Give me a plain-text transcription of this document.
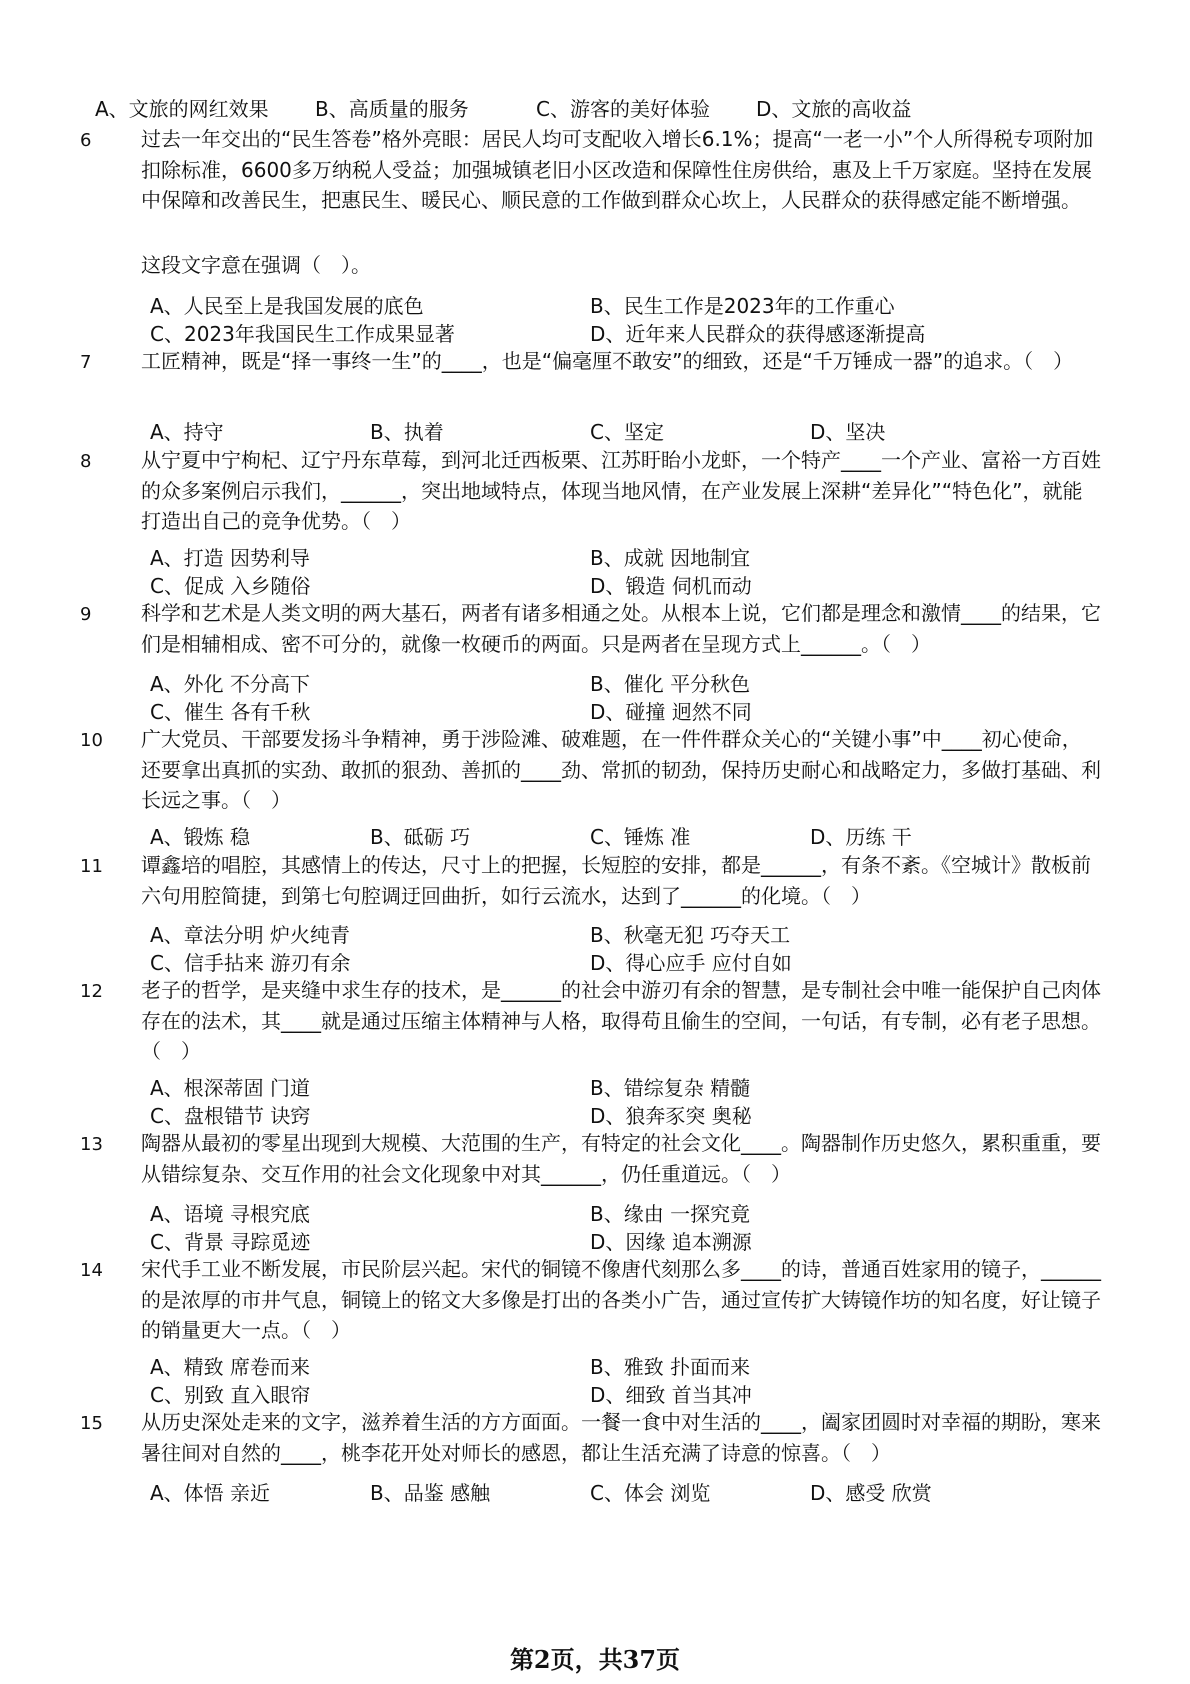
A、文旅的网红效果 B、高质量的服务	C、游客的美好体验 D、文旅的高收益
6 过去一年交出的“民生答卷”格外亮眼：居民人均可支配收入增长6.1%；提高“一老一小”个人所得税专项附加扣除标准，6600多万纳税人受益；加强城镇老旧小区改造和保障性住房供给，惠及上千万家庭。坚持在发展中保障和改善民生，把惠民生、暖民心、顺民意的工作做到群众心坎上，人民群众的获得感定能不断增强。
这段文字意在强调（　）。
A、人民至上是我国发展的底色	B、民生工作是2023年的工作重心
C、2023年我国民生工作成果显著	D、近年来人民群众的获得感逐渐提高
7 工匠精神，既是“择一事终一生”的____，也是“偏毫厘不敢安”的细致，还是“千万锤成一器”的追求。（　）
A、持守	B、执着	C、坚定	D、坚决
8 从宁夏中宁枸杞、辽宁丹东草莓，到河北迁西板栗、江苏盱眙小龙虾，一个特产____一个产业、富裕一方百姓的众多案例启示我们，______，突出地域特点，体现当地风情，在产业发展上深耕“差异化”“特色化”，就能打造出自己的竞争优势。（　）
A、打造 因势利导	B、成就 因地制宜
C、促成 入乡随俗	D、锻造 伺机而动
9 科学和艺术是人类文明的两大基石，两者有诸多相通之处。从根本上说，它们都是理念和激情____的结果，它们是相辅相成、密不可分的，就像一枚硬币的两面。只是两者在呈现方式上______。（　）
A、外化 不分高下	B、催化 平分秋色
C、催生 各有千秋	D、碰撞 迥然不同
10 广大党员、干部要发扬斗争精神，勇于涉险滩、破难题，在一件件群众关心的“关键小事”中____初心使命，还要拿出真抓的实劲、敢抓的狠劲、善抓的____劲、常抓的韧劲，保持历史耐心和战略定力，多做打基础、利长远之事。（　）
A、锻炼 稳	B、砥砺 巧	C、锤炼 准	D、历练 干
11 谭鑫培的唱腔，其感情上的传达，尺寸上的把握，长短腔的安排，都是______，有条不紊。《空城计》散板前六句用腔简捷，到第七句腔调迂回曲折，如行云流水，达到了______的化境。（　）
A、章法分明 炉火纯青	B、秋毫无犯 巧夺天工
C、信手拈来 游刃有余	D、得心应手 应付自如
12 老子的哲学，是夹缝中求生存的技术，是______的社会中游刃有余的智慧，是专制社会中唯一能保护自己肉体存在的法术，其____就是通过压缩主体精神与人格，取得苟且偷生的空间，一句话，有专制，必有老子思想。（　）
A、根深蒂固 门道	B、错综复杂 精髓
C、盘根错节 诀窍	D、狼奔豕突 奥秘
13 陶器从最初的零星出现到大规模、大范围的生产，有特定的社会文化____。陶器制作历史悠久，累积重重，要从错综复杂、交互作用的社会文化现象中对其______，仍任重道远。（　）
A、语境 寻根究底	B、缘由 一探究竟
C、背景 寻踪觅迹	D、因缘 追本溯源
14 宋代手工业不断发展，市民阶层兴起。宋代的铜镜不像唐代刻那么多____的诗，普通百姓家用的镜子，______的是浓厚的市井气息，铜镜上的铭文大多像是打出的各类小广告，通过宣传扩大铸镜作坊的知名度，好让镜子的销量更大一点。（　）
A、精致 席卷而来	B、雅致 扑面而来
C、别致 直入眼帘	D、细致 首当其冲
15 从历史深处走来的文字，滋养着生活的方方面面。一餐一食中对生活的____，阖家团圆时对幸福的期盼，寒来暑往间对自然的____，桃李花开处对师长的感恩，都让生活充满了诗意的惊喜。（　）
A、体悟 亲近	B、品鉴 感触	C、体会 浏览	D、感受 欣赏
第2页，共37页
